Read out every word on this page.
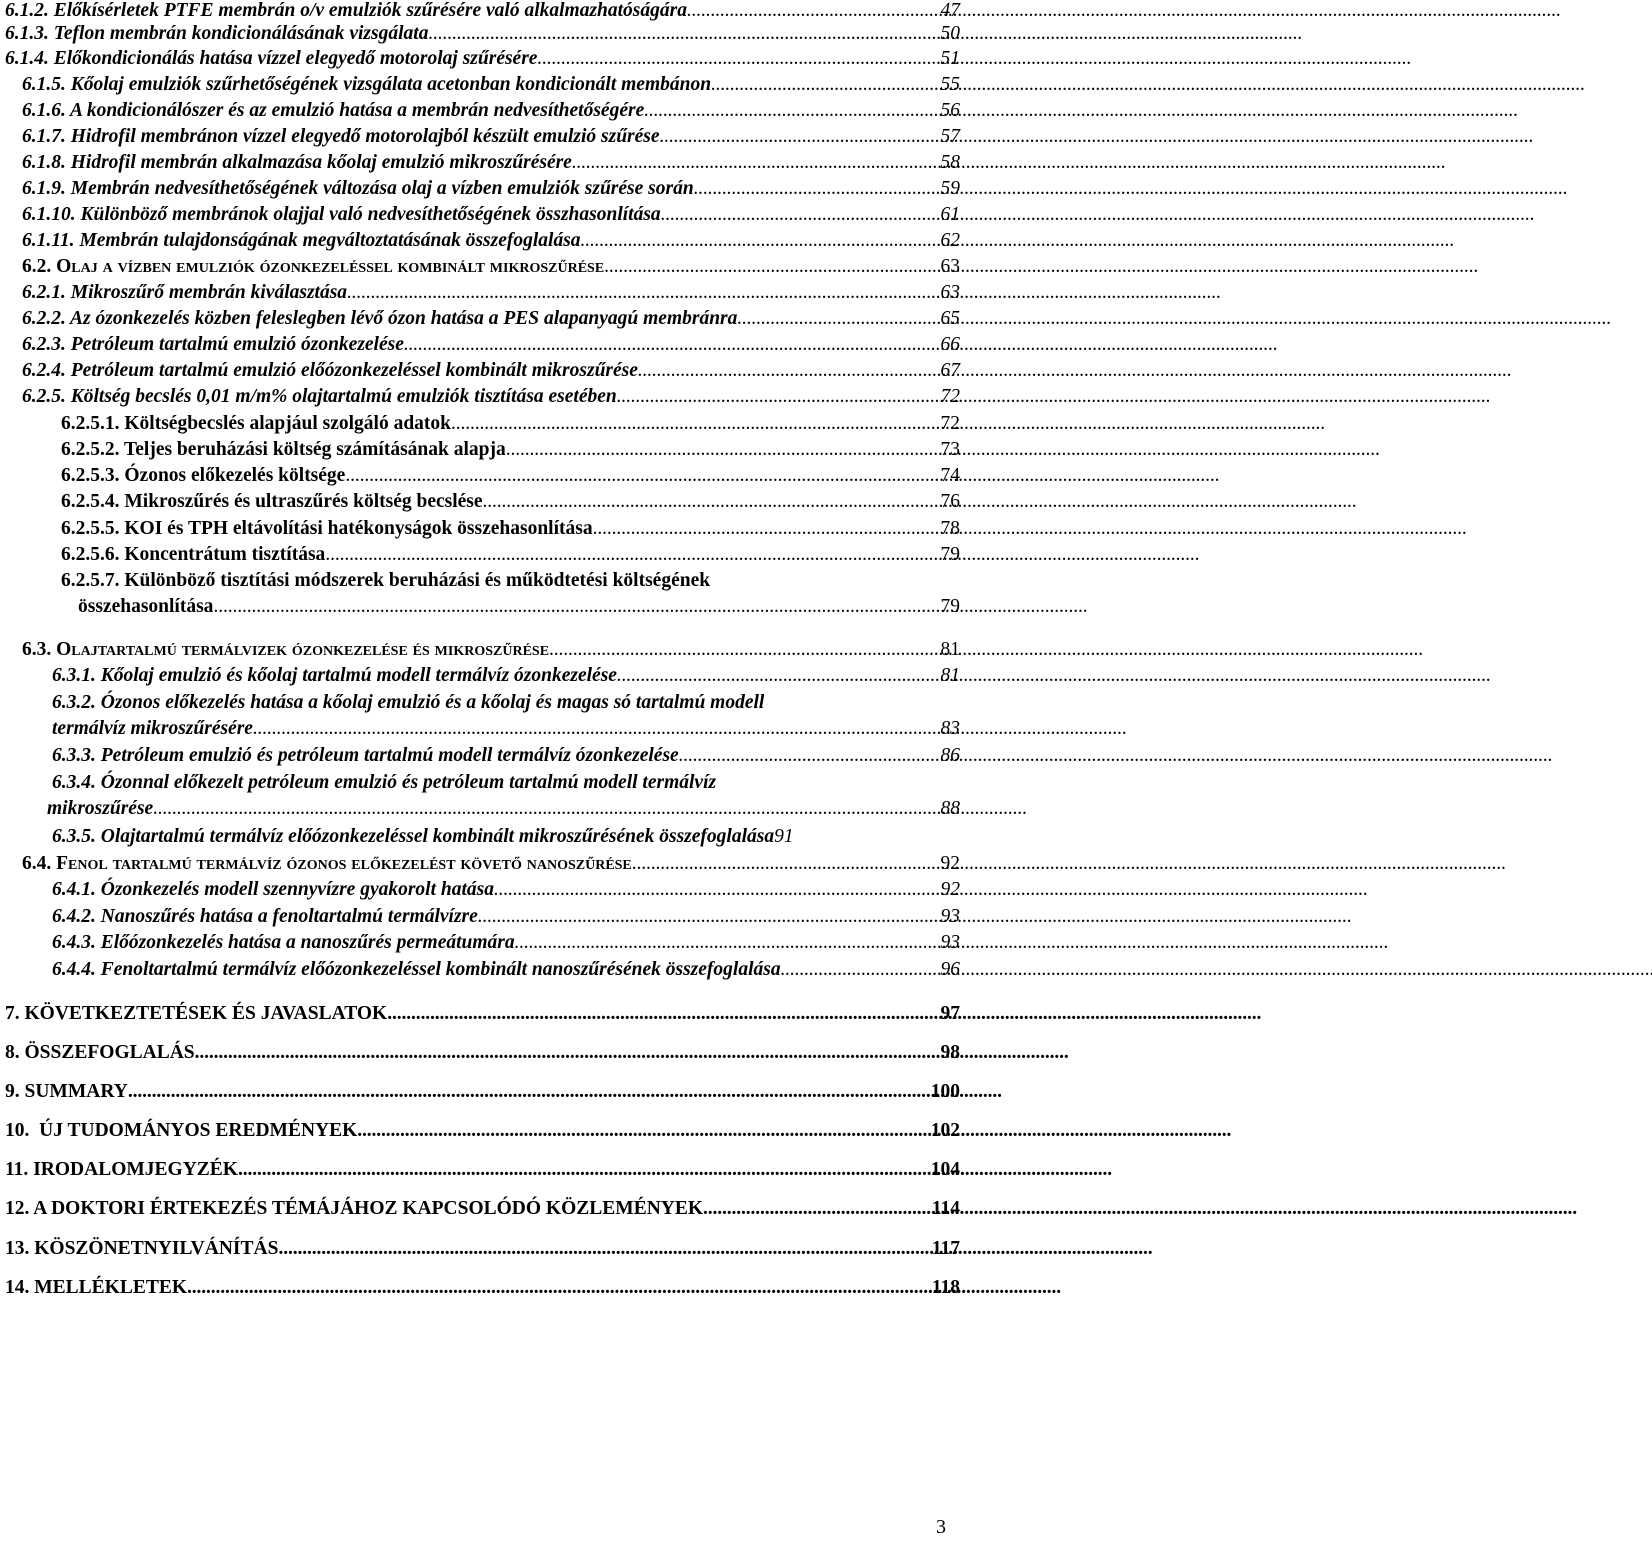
6.1.2. Előkísérletek PTFE membrán o/v emulziók szűrésére való alkalmazhatóságára . . .	47
6.1.3. Teflon membrán kondicionálásának vizsgálata . . .	50
6.1.4. Előkondicionálás hatása vízzel elegyedő motorolaj szűrésére . . .	51
6.1.5. Kőolaj emulziók szűrhetőségének vizsgálata acetonban kondicionált membánon . . .	55
6.1.6. A kondicionálószer és az emulzió hatása a membrán nedvesíthetőségére . . .	56
6.1.7. Hidrofil membránon vízzel elegyedő motorolajból készült emulzió szűrése . . .	57
6.1.8. Hidrofil membrán alkalmazása kőolaj emulzió mikroszűrésére . . .	58
6.1.9. Membrán nedvesíthetőségének változása olaj a vízben emulziók szűrése során . . .	59
6.1.10. Különböző membránok olajjal való nedvesíthetőségének összhasonlítása . . .	61
6.1.11. Membrán tulajdonságának megváltoztatásának összefoglalása . . .	62
6.2. Olaj a vízben emulziók ózonkezeléssel kombinált mikroszűrése . . .	63
6.2.1. Mikroszűrő membrán kiválasztása . . .	63
6.2.2. Az ózonkezelés közben feleslegben lévő ózon hatása a PES alapanyagú membránra . . .	65
6.2.3. Petróleum tartalmú emulzió ózonkezelése . . .	66
6.2.4. Petróleum tartalmú emulzió előózonkezeléssel kombinált mikroszűrése . . .	67
6.2.5. Költség becslés 0,01 m/m% olajtartalmú emulziók tisztítása esetében . . .	72
6.2.5.1. Költségbecslés alapjául szolgáló adatok . . .	72
6.2.5.2. Teljes beruházási költség számításának alapja . . .	73
6.2.5.3. Ózonos előkezelés költsége . . .	74
6.2.5.4. Mikroszűrés és ultraszűrés költség becslése . . .	76
6.2.5.5. KOI és TPH eltávolítási hatékonyságok összehasonlítása . . .	78
6.2.5.6. Koncentrátum tisztítása . . .	79
6.2.5.7. Különböző tisztítási módszerek beruházási és működtetési költségének
összehasonlítása . . .	79
6.3. Olajtartalmú termálvizek ózonkezelése és mikroszűrése . . .	81
6.3.1. Kőolaj emulzió és kőolaj tartalmú modell termálvíz ózonkezelése . . .	81
6.3.2. Ózonos előkezelés hatása a kőolaj emulzió és a kőolaj és magas só tartalmú modell
termálvíz mikroszűrésére . . .	83
6.3.3. Petróleum emulzió és petróleum tartalmú modell termálvíz ózonkezelése . . .	86
6.3.4. Ózonnal előkezelt petróleum emulzió és petróleum tartalmú modell termálvíz
mikroszűrése . . .	88
6.3.5. Olajtartalmú termálvíz előózonkezeléssel kombinált mikroszűrésének összefoglalása 91
6.4. Fenol tartalmú termálvíz ózonos előkezelést követő nanoszűrése . . .	92
6.4.1. Ózonkezelés modell szennyvízre gyakorolt hatása . . .	92
6.4.2. Nanoszűrés hatása a fenoltartalmú termálvízre . . .	93
6.4.3. Előózonkezelés hatása a nanoszűrés permeátumára . . .	93
6.4.4. Fenoltartalmú termálvíz előózonkezeléssel kombinált nanoszűrésének összefoglalása . . .	96
7. KÖVETKEZTETÉSEK ÉS JAVASLATOK . . .	97
8. ÖSSZEFOGLALÁS . . .	98
9. SUMMARY . . .	100
10. ÚJ TUDOMÁNYOS EREDMÉNYEK . . .	102
11. IRODALOMJEGYZÉK . . .	104
12. A DOKTORI ÉRTEKEZÉS TÉMÁJÁHOZ KAPCSOLÓDÓ KÖZLEMÉNYEK . . .	114
13. KÖSZÖNETNYILVÁNÍTÁS . . .	117
14. MELLÉKLETEK . . .	118
3
